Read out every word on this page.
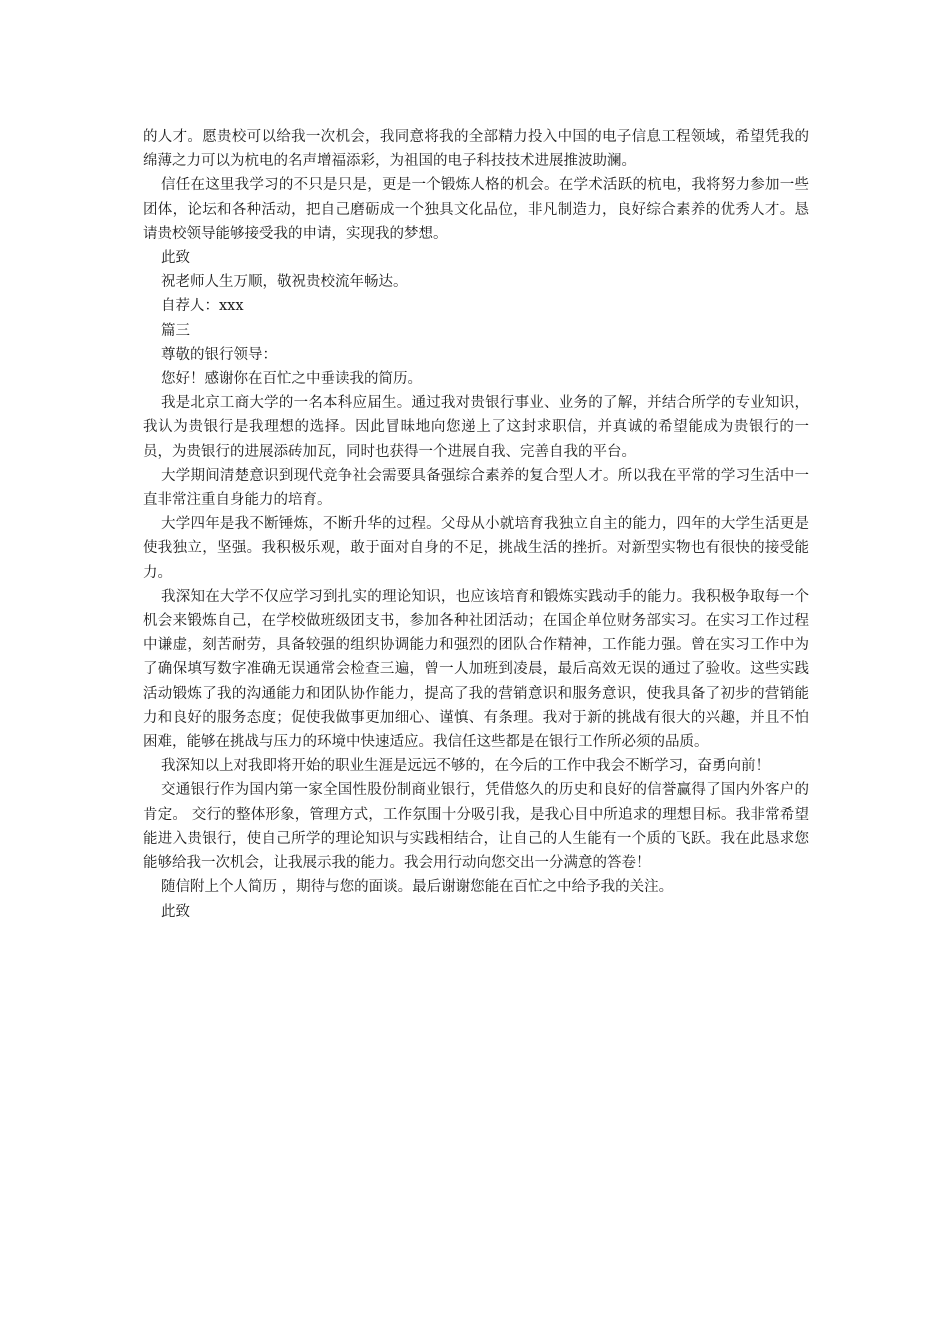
的人才。愿贵校可以给我一次机会，我同意将我的全部精力投入中国的电子信息工程领域，希望凭我的绵薄之力可以为杭电的名声增福添彩，为祖国的电子科技技术进展推波助澜。

信任在这里我学习的不只是只是，更是一个锻炼人格的机会。在学术活跃的杭电，我将努力参加一些团体，论坛和各种活动，把自己磨砺成一个独具文化品位，非凡制造力，良好综合素养的优秀人才。恳请贵校领导能够接受我的申请，实现我的梦想。

此致

祝老师人生万顺，敬祝贵校流年畅达。

自荐人：xxx

篇三

尊敬的银行领导：

您好！感谢你在百忙之中垂读我的简历。

我是北京工商大学的一名本科应届生。通过我对贵银行事业、业务的了解，并结合所学的专业知识，我认为贵银行是我理想的选择。因此冒昧地向您递上了这封求职信，并真诚的希望能成为贵银行的一员，为贵银行的进展添砖加瓦，同时也获得一个进展自我、完善自我的平台。

大学期间清楚意识到现代竞争社会需要具备强综合素养的复合型人才。所以我在平常的学习生活中一直非常注重自身能力的培育。

大学四年是我不断锤炼，不断升华的过程。父母从小就培育我独立自主的能力，四年的大学生活更是使我独立，坚强。我积极乐观，敢于面对自身的不足，挑战生活的挫折。对新型实物也有很快的接受能力。

我深知在大学不仅应学习到扎实的理论知识，也应该培育和锻炼实践动手的能力。我积极争取每一个机会来锻炼自己，在学校做班级团支书，参加各种社团活动；在国企单位财务部实习。在实习工作过程中谦虚，刻苦耐劳，具备较强的组织协调能力和强烈的团队合作精神，工作能力强。曾在实习工作中为了确保填写数字准确无误通常会检查三遍，曾一人加班到凌晨，最后高效无误的通过了验收。这些实践活动锻炼了我的沟通能力和团队协作能力，提高了我的营销意识和服务意识，使我具备了初步的营销能力和良好的服务态度；促使我做事更加细心、谨慎、有条理。我对于新的挑战有很大的兴趣，并且不怕困难，能够在挑战与压力的环境中快速适应。我信任这些都是在银行工作所必须的品质。

我深知以上对我即将开始的职业生涯是远远不够的，在今后的工作中我会不断学习，奋勇向前！

交通银行作为国内第一家全国性股份制商业银行，凭借悠久的历史和良好的信誉赢得了国内外客户的肯定。 交行的整体形象，管理方式，工作氛围十分吸引我，是我心目中所追求的理想目标。我非常希望能进入贵银行，使自己所学的理论知识与实践相结合，让自己的人生能有一个质的飞跃。我在此恳求您能够给我一次机会，让我展示我的能力。我会用行动向您交出一分满意的答卷！

随信附上个人简历 ，期待与您的面谈。最后谢谢您能在百忙之中给予我的关注。

此致
